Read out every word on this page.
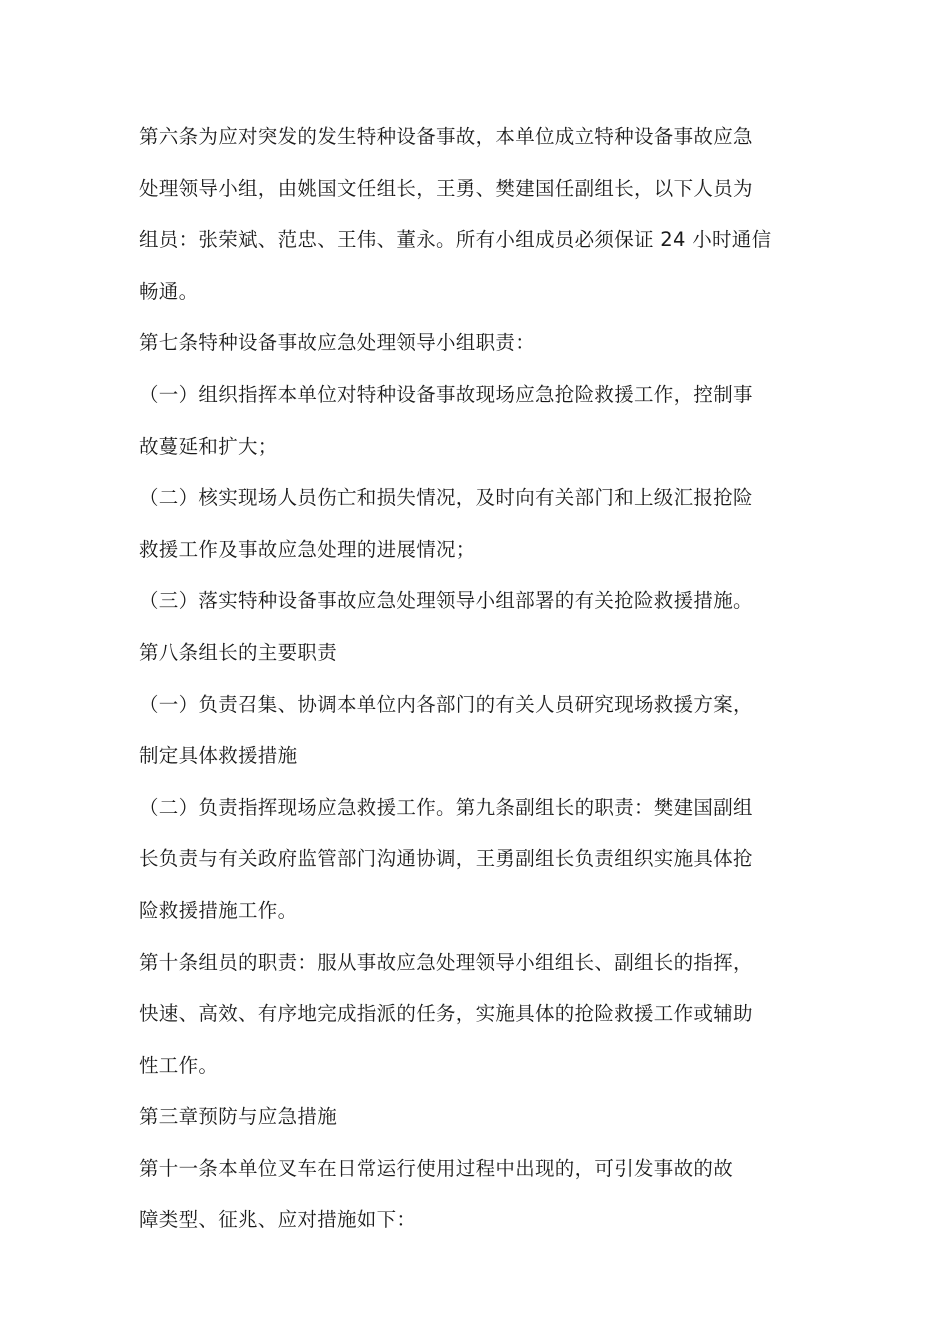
第六条为应对突发的发生特种设备事故，本单位成立特种设备事故应急
处理领导小组，由姚国文任组长，王勇、樊建国任副组长，以下人员为
组员：张荣斌、范忠、王伟、董永。所有小组成员必须保证 24 小时通信
畅通。
第七条特种设备事故应急处理领导小组职责：
（一）组织指挥本单位对特种设备事故现场应急抢险救援工作，控制事
故蔓延和扩大；
（二）核实现场人员伤亡和损失情况，及时向有关部门和上级汇报抢险
救援工作及事故应急处理的进展情况；
（三）落实特种设备事故应急处理领导小组部署的有关抢险救援措施。
第八条组长的主要职责
（一）负责召集、协调本单位内各部门的有关人员研究现场救援方案，
制定具体救援措施
（二）负责指挥现场应急救援工作。第九条副组长的职责：樊建国副组
长负责与有关政府监管部门沟通协调，王勇副组长负责组织实施具体抢
险救援措施工作。
第十条组员的职责：服从事故应急处理领导小组组长、副组长的指挥，
快速、高效、有序地完成指派的任务，实施具体的抢险救援工作或辅助
性工作。
第三章预防与应急措施
第十一条本单位叉车在日常运行使用过程中出现的，可引发事故的故
障类型、征兆、应对措施如下：
